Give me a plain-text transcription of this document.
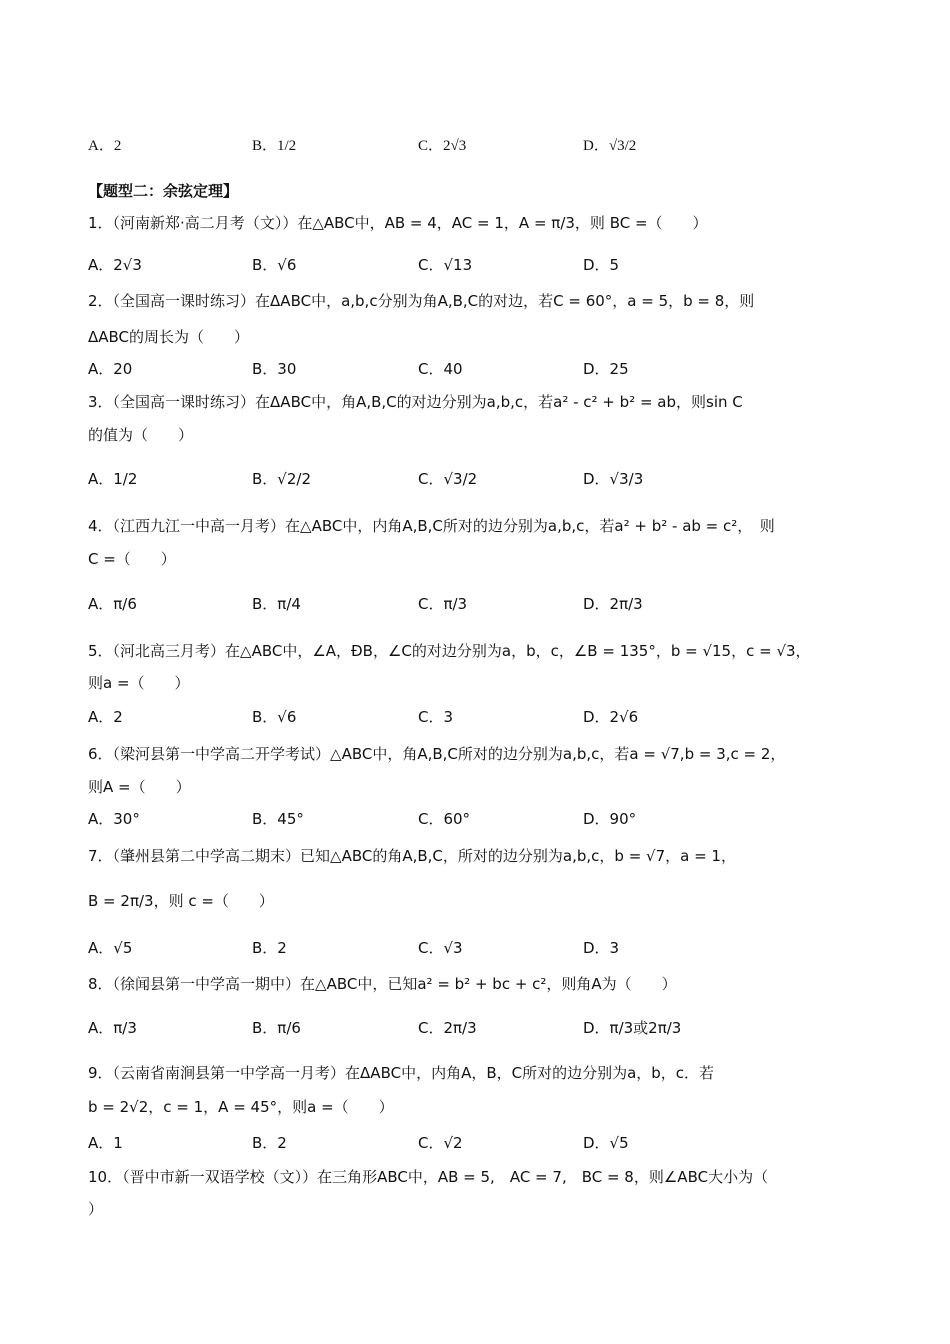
A．2	B．1/2	C．2√3	D．√3/2
【题型二：余弦定理】
1．（河南新郑·高二月考（文））在△ABC中，AB = 4，AC = 1，A = π/3，则 BC =（　　）
A．2√3	B．√6	C．√13	D．5
2．（全国高一课时练习）在ΔABC中，a,b,c分别为角A,B,C的对边，若C = 60°，a = 5，b = 8，则
ΔABC的周长为（　　）
A．20	B．30	C．40	D．25
3．（全国高一课时练习）在ΔABC中，角A,B,C的对边分别为a,b,c，若a² - c² + b² = ab，则sin C
的值为（　　）
A．1/2	B．√2/2	C．√3/2	D．√3/3
4．（江西九江一中高一月考）在△ABC中，内角A,B,C所对的边分别为a,b,c，若a² + b² - ab = c²，　则
C =（　　）
A．π/6	B．π/4	C．π/3	D．2π/3
5．（河北高三月考）在△ABC中，∠A，ÐB，∠C的对边分别为a，b，c，∠B = 135°，b = √15，c = √3，
则a =（　　）
A．2	B．√6	C．3	D．2√6
6．（梁河县第一中学高二开学考试）△ABC中，角A,B,C所对的边分别为a,b,c，若a = √7,b = 3,c = 2，
则A =（　　）
A．30°	B．45°	C．60°	D．90°
7．（肇州县第二中学高二期末）已知△ABC的角A,B,C，所对的边分别为a,b,c，b = √7，a = 1，
B = 2π/3，则 c =（　　）
A．√5	B．2	C．√3	D．3
8．（徐闻县第一中学高一期中）在△ABC中，已知a² = b² + bc + c²，则角A为（　　）
A．π/3	B．π/6	C．2π/3	D．π/3或2π/3
9．（云南省南涧县第一中学高一月考）在ΔABC中，内角A，B，C所对的边分别为a，b，c．若
b = 2√2，c = 1，A = 45°，则a =（　　）
A．1	B．2	C．√2	D．√5
10．（晋中市新一双语学校（文））在三角形ABC中，AB = 5,　AC = 7,　BC = 8，则∠ABC大小为（
）
